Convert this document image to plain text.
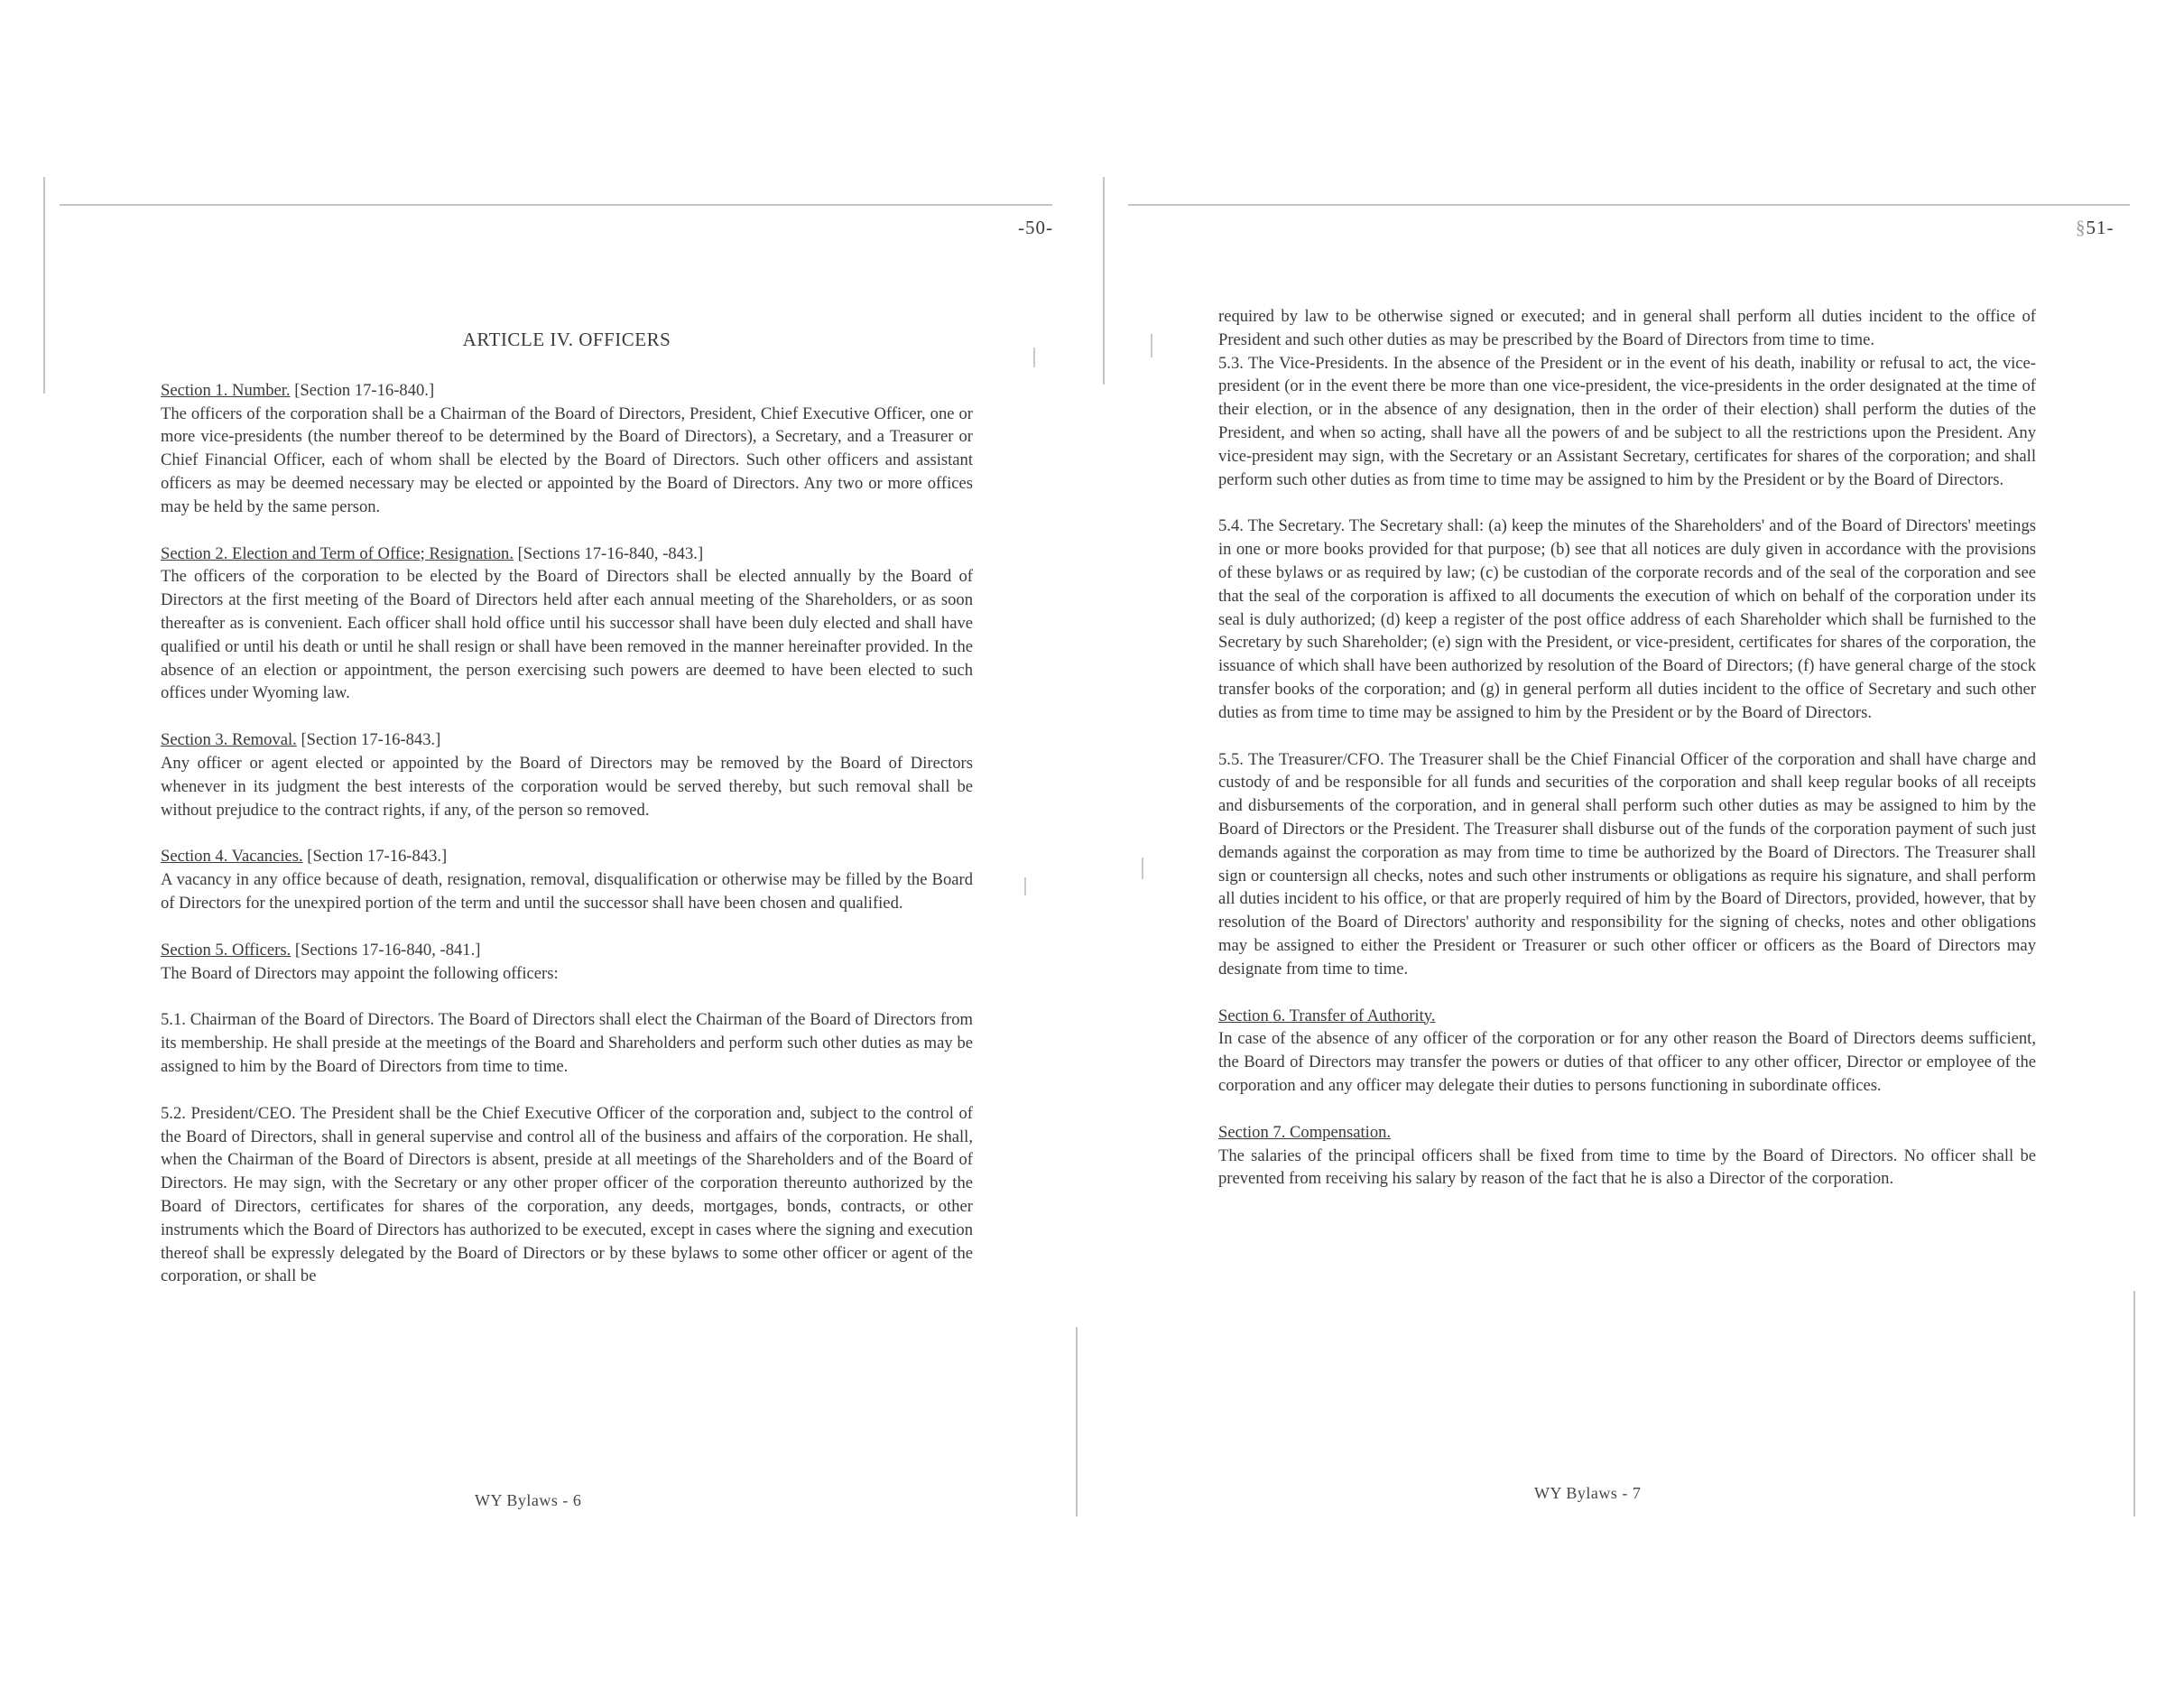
-50-
ARTICLE IV. OFFICERS
Section 1. Number. [Section 17-16-840.]

The officers of the corporation shall be a Chairman of the Board of Directors, President, Chief Executive Officer, one or more vice-presidents (the number thereof to be determined by the Board of Directors), a Secretary, and a Treasurer or Chief Financial Officer, each of whom shall be elected by the Board of Directors. Such other officers and assistant officers as may be deemed necessary may be elected or appointed by the Board of Directors. Any two or more offices may be held by the same person.

Section 2. Election and Term of Office; Resignation. [Sections 17-16-840, -843.]

The officers of the corporation to be elected by the Board of Directors shall be elected annually by the Board of Directors at the first meeting of the Board of Directors held after each annual meeting of the Shareholders, or as soon thereafter as is convenient. Each officer shall hold office until his successor shall have been duly elected and shall have qualified or until his death or until he shall resign or shall have been removed in the manner hereinafter provided. In the absence of an election or appointment, the person exercising such powers are deemed to have been elected to such offices under Wyoming law.

Section 3. Removal. [Section 17-16-843.]

Any officer or agent elected or appointed by the Board of Directors may be removed by the Board of Directors whenever in its judgment the best interests of the corporation would be served thereby, but such removal shall be without prejudice to the contract rights, if any, of the person so removed.

Section 4. Vacancies. [Section 17-16-843.]

A vacancy in any office because of death, resignation, removal, disqualification or otherwise may be filled by the Board of Directors for the unexpired portion of the term and until the successor shall have been chosen and qualified.

Section 5. Officers. [Sections 17-16-840, -841.]

The Board of Directors may appoint the following officers:

5.1. Chairman of the Board of Directors. The Board of Directors shall elect the Chairman of the Board of Directors from its membership. He shall preside at the meetings of the Board and Shareholders and perform such other duties as may be assigned to him by the Board of Directors from time to time.

5.2. President/CEO. The President shall be the Chief Executive Officer of the corporation and, subject to the control of the Board of Directors, shall in general supervise and control all of the business and affairs of the corporation. He shall, when the Chairman of the Board of Directors is absent, preside at all meetings of the Shareholders and of the Board of Directors. He may sign, with the Secretary or any other proper officer of the corporation thereunto authorized by the Board of Directors, certificates for shares of the corporation, any deeds, mortgages, bonds, contracts, or other instruments which the Board of Directors has authorized to be executed, except in cases where the signing and execution thereof shall be expressly delegated by the Board of Directors or by these bylaws to some other officer or agent of the corporation, or shall be

WY Bylaws - 6
§51-

required by law to be otherwise signed or executed; and in general shall perform all duties incident to the office of President and such other duties as may be prescribed by the Board of Directors from time to time.

5.3. The Vice-Presidents. In the absence of the President or in the event of his death, inability or refusal to act, the vice-president (or in the event there be more than one vice-president, the vice-presidents in the order designated at the time of their election, or in the absence of any designation, then in the order of their election) shall perform the duties of the President, and when so acting, shall have all the powers of and be subject to all the restrictions upon the President. Any vice-president may sign, with the Secretary or an Assistant Secretary, certificates for shares of the corporation; and shall perform such other duties as from time to time may be assigned to him by the President or by the Board of Directors.

5.4. The Secretary. The Secretary shall: (a) keep the minutes of the Shareholders' and of the Board of Directors' meetings in one or more books provided for that purpose; (b) see that all notices are duly given in accordance with the provisions of these bylaws or as required by law; (c) be custodian of the corporate records and of the seal of the corporation and see that the seal of the corporation is affixed to all documents the execution of which on behalf of the corporation under its seal is duly authorized; (d) keep a register of the post office address of each Shareholder which shall be furnished to the Secretary by such Shareholder; (e) sign with the President, or vice-president, certificates for shares of the corporation, the issuance of which shall have been authorized by resolution of the Board of Directors; (f) have general charge of the stock transfer books of the corporation; and (g) in general perform all duties incident to the office of Secretary and such other duties as from time to time may be assigned to him by the President or by the Board of Directors.

5.5. The Treasurer/CFO. The Treasurer shall be the Chief Financial Officer of the corporation and shall have charge and custody of and be responsible for all funds and securities of the corporation and shall keep regular books of all receipts and disbursements of the corporation, and in general shall perform such other duties as may be assigned to him by the Board of Directors or the President. The Treasurer shall disburse out of the funds of the corporation payment of such just demands against the corporation as may from time to time be authorized by the Board of Directors. The Treasurer shall sign or countersign all checks, notes and such other instruments or obligations as require his signature, and shall perform all duties incident to his office, or that are properly required of him by the Board of Directors, provided, however, that by resolution of the Board of Directors' authority and responsibility for the signing of checks, notes and other obligations may be assigned to either the President or Treasurer or such other officer or officers as the Board of Directors may designate from time to time.

Section 6. Transfer of Authority.

In case of the absence of any officer of the corporation or for any other reason the Board of Directors deems sufficient, the Board of Directors may transfer the powers or duties of that officer to any other officer, Director or employee of the corporation and any officer may delegate their duties to persons functioning in subordinate offices.

Section 7. Compensation.

The salaries of the principal officers shall be fixed from time to time by the Board of Directors. No officer shall be prevented from receiving his salary by reason of the fact that he is also a Director of the corporation.

WY Bylaws - 7
